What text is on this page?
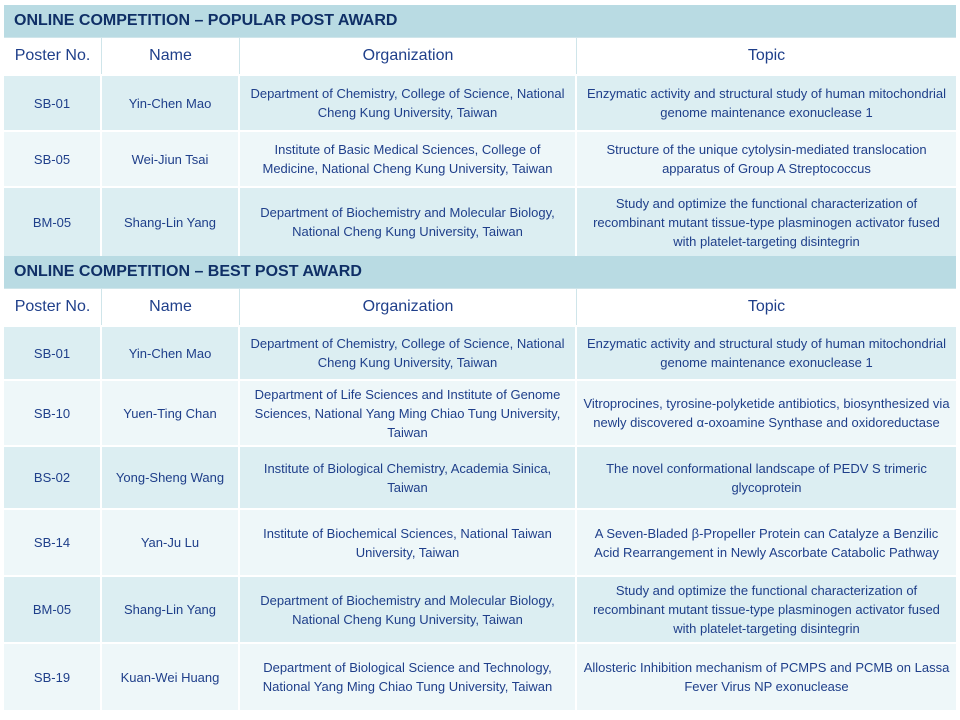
ONLINE COMPETITION – POPULAR POST AWARD
Poster No.	Name	Organization	Topic
SB-01	Yin-Chen Mao	Department of Chemistry, College of Science, National Cheng Kung University, Taiwan	Enzymatic activity and structural study of human mitochondrial genome maintenance exonuclease 1
SB-05	Wei-Jiun Tsai	Institute of Basic Medical Sciences, College of Medicine, National Cheng Kung University, Taiwan	Structure of the unique cytolysin-mediated translocation apparatus of Group A Streptococcus
BM-05	Shang-Lin Yang	Department of Biochemistry and Molecular Biology, National Cheng Kung University, Taiwan	Study and optimize the functional characterization of recombinant mutant tissue-type plasminogen activator fused with platelet-targeting disintegrin
ONLINE COMPETITION – BEST POST AWARD
Poster No.	Name	Organization	Topic
SB-01	Yin-Chen Mao	Department of Chemistry, College of Science, National Cheng Kung University, Taiwan	Enzymatic activity and structural study of human mitochondrial genome maintenance exonuclease 1
SB-10	Yuen-Ting Chan	Department of Life Sciences and Institute of Genome Sciences, National Yang Ming Chiao Tung University, Taiwan	Vitroprocines, tyrosine-polyketide antibiotics, biosynthesized via newly discovered α-oxoamine Synthase and oxidoreductase
BS-02	Yong-Sheng Wang	Institute of Biological Chemistry, Academia Sinica, Taiwan	The novel conformational landscape of PEDV S trimeric glycoprotein
SB-14	Yan-Ju Lu	Institute of Biochemical Sciences, National Taiwan University, Taiwan	A Seven-Bladed β-Propeller Protein can Catalyze a Benzilic Acid Rearrangement in Newly Ascorbate Catabolic Pathway
BM-05	Shang-Lin Yang	Department of Biochemistry and Molecular Biology, National Cheng Kung University, Taiwan	Study and optimize the functional characterization of recombinant mutant tissue-type plasminogen activator fused with platelet-targeting disintegrin
SB-19	Kuan-Wei Huang	Department of Biological Science and Technology, National Yang Ming Chiao Tung University, Taiwan	Allosteric Inhibition mechanism of PCMPS and PCMB on Lassa Fever Virus NP exonuclease
